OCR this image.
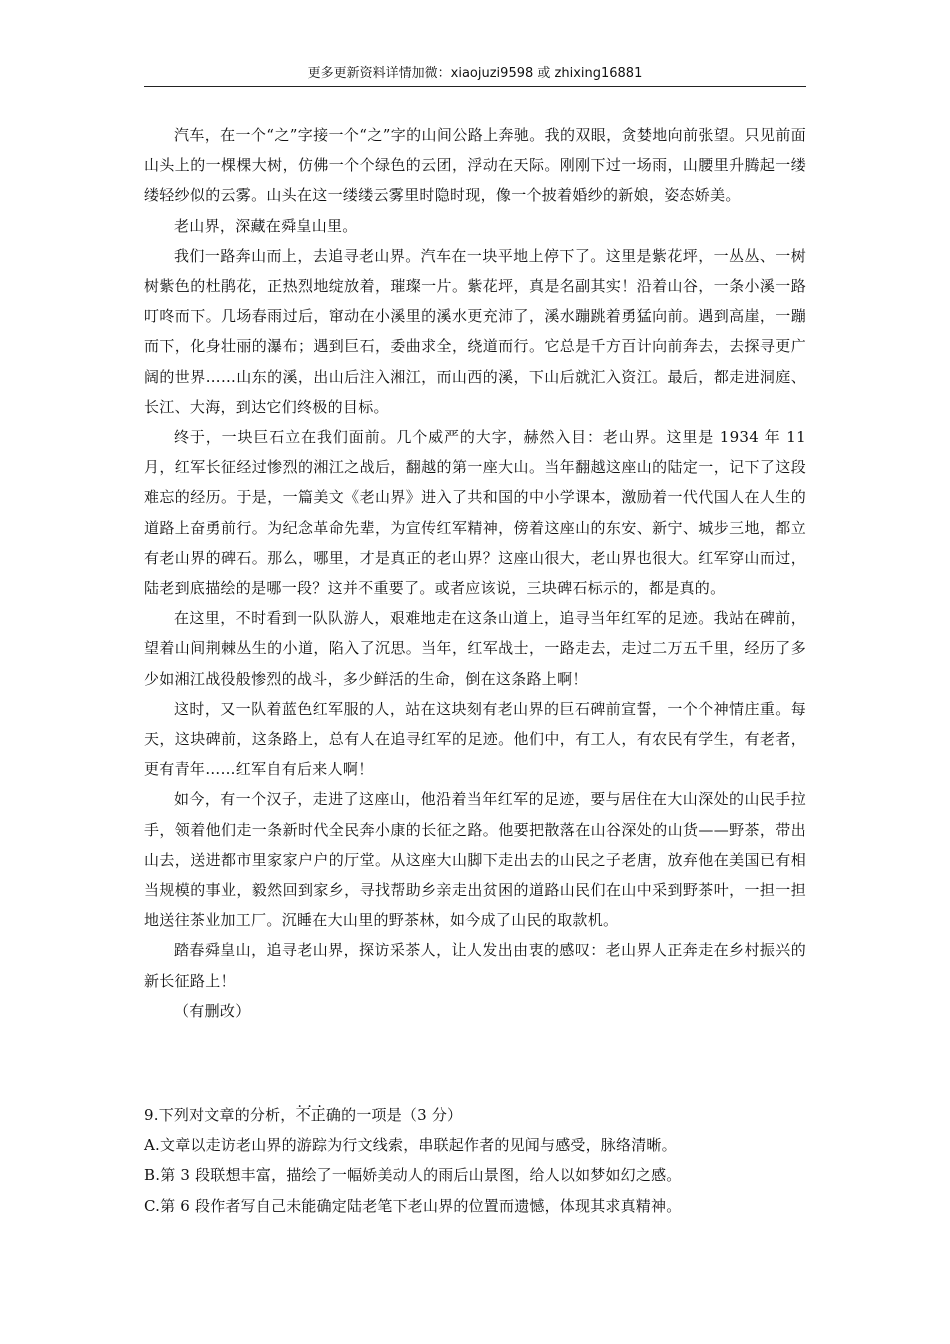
更多更新资料详情加微：xiaojuzi9598 或 zhixing16881

汽车，在一个“之”字接一个“之”字的山间公路上奔驰。我的双眼，贪婪地向前张望。只见前面山头上的一棵棵大树，仿佛一个个绿色的云团，浮动在天际。刚刚下过一场雨，山腰里升腾起一缕缕轻纱似的云雾。山头在这一缕缕云雾里时隐时现，像一个披着婚纱的新娘，姿态娇美。

老山界，深藏在舜皇山里。

我们一路奔山而上，去追寻老山界。汽车在一块平地上停下了。这里是紫花坪，一丛丛、一树树紫色的杜鹃花，正热烈地绽放着，璀璨一片。紫花坪，真是名副其实！沿着山谷，一条小溪一路叮咚而下。几场春雨过后，窜动在小溪里的溪水更充沛了，溪水蹦跳着勇猛向前。遇到高崖，一蹦而下，化身壮丽的瀑布；遇到巨石，委曲求全，绕道而行。它总是千方百计向前奔去，去探寻更广阔的世界……山东的溪，出山后注入湘江，而山西的溪，下山后就汇入资江。最后，都走进洞庭、长江、大海，到达它们终极的目标。

终于，一块巨石立在我们面前。几个威严的大字，赫然入目：老山界。这里是 1934 年 11 月，红军长征经过惨烈的湘江之战后，翻越的第一座大山。当年翻越这座山的陆定一，记下了这段难忘的经历。于是，一篇美文《老山界》进入了共和国的中小学课本，激励着一代代国人在人生的道路上奋勇前行。为纪念革命先辈，为宣传红军精神，傍着这座山的东安、新宁、城步三地，都立有老山界的碑石。那么，哪里，才是真正的老山界？这座山很大，老山界也很大。红军穿山而过，陆老到底描绘的是哪一段？这并不重要了。或者应该说，三块碑石标示的，都是真的。

在这里，不时看到一队队游人，艰难地走在这条山道上，追寻当年红军的足迹。我站在碑前，望着山间荆棘丛生的小道，陷入了沉思。当年，红军战士，一路走去，走过二万五千里，经历了多少如湘江战役般惨烈的战斗，多少鲜活的生命，倒在这条路上啊！

这时，又一队着蓝色红军服的人，站在这块刻有老山界的巨石碑前宣誓，一个个神情庄重。每天，这块碑前，这条路上，总有人在追寻红军的足迹。他们中，有工人，有农民有学生，有老者，更有青年……红军自有后来人啊！

如今，有一个汉子，走进了这座山，他沿着当年红军的足迹，要与居住在大山深处的山民手拉手，领着他们走一条新时代全民奔小康的长征之路。他要把散落在山谷深处的山货——野茶，带出山去，送进都市里家家户户的厅堂。从这座大山脚下走出去的山民之子老唐，放弃他在美国已有相当规模的事业，毅然回到家乡，寻找帮助乡亲走出贫困的道路山民们在山中采到野茶叶，一担一担地送往茶业加工厂。沉睡在大山里的野茶林，如今成了山民的取款机。

踏春舜皇山，追寻老山界，探访采茶人，让人发出由衷的感叹：老山界人正奔走在乡村振兴的新长征路上！

（有删改）

9.下列对文章的分析，· · · 不正确的一项是（3 分）

A.文章以走访老山界的游踪为行文线索，串联起作者的见闻与感受，脉络清晰。

B.第 3 段联想丰富，描绘了一幅娇美动人的雨后山景图，给人以如梦如幻之感。

C.第 6 段作者写自己未能确定陆老笔下老山界的位置而遗憾，体现其求真精神。
